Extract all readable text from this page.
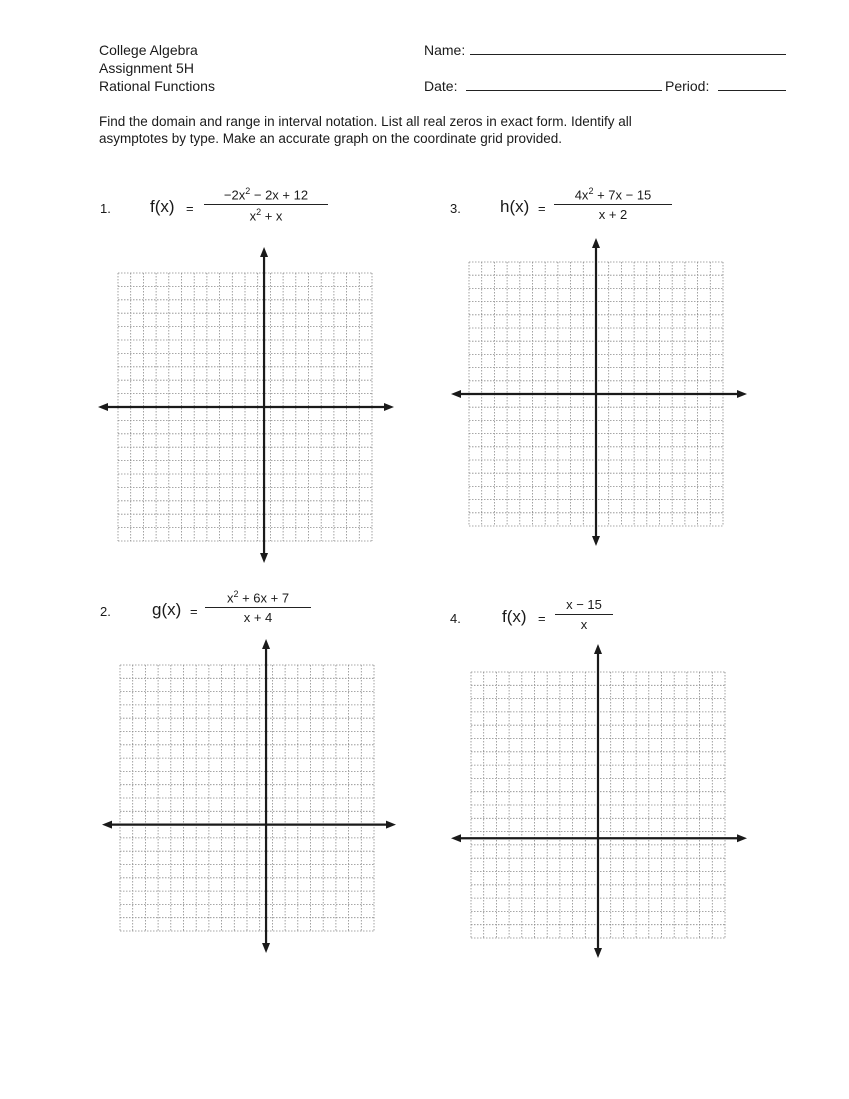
College Algebra
Assignment 5H
Rational Functions
Name:
Date:	Period:
Find the domain and range in interval notation. List all real zeros in exact form. Identify all
asymptotes by type. Make an accurate graph on the coordinate grid provided.
1. f(x) =
$-2x^2 - 2x + 12$
$x^2 + x$
3. h(x) =
$4x^2 + 7x - 15$
x + 2
2. g(x) =
$x^2 + 6x + 7$
x + 4	4. f(x) =
x − 15
x
